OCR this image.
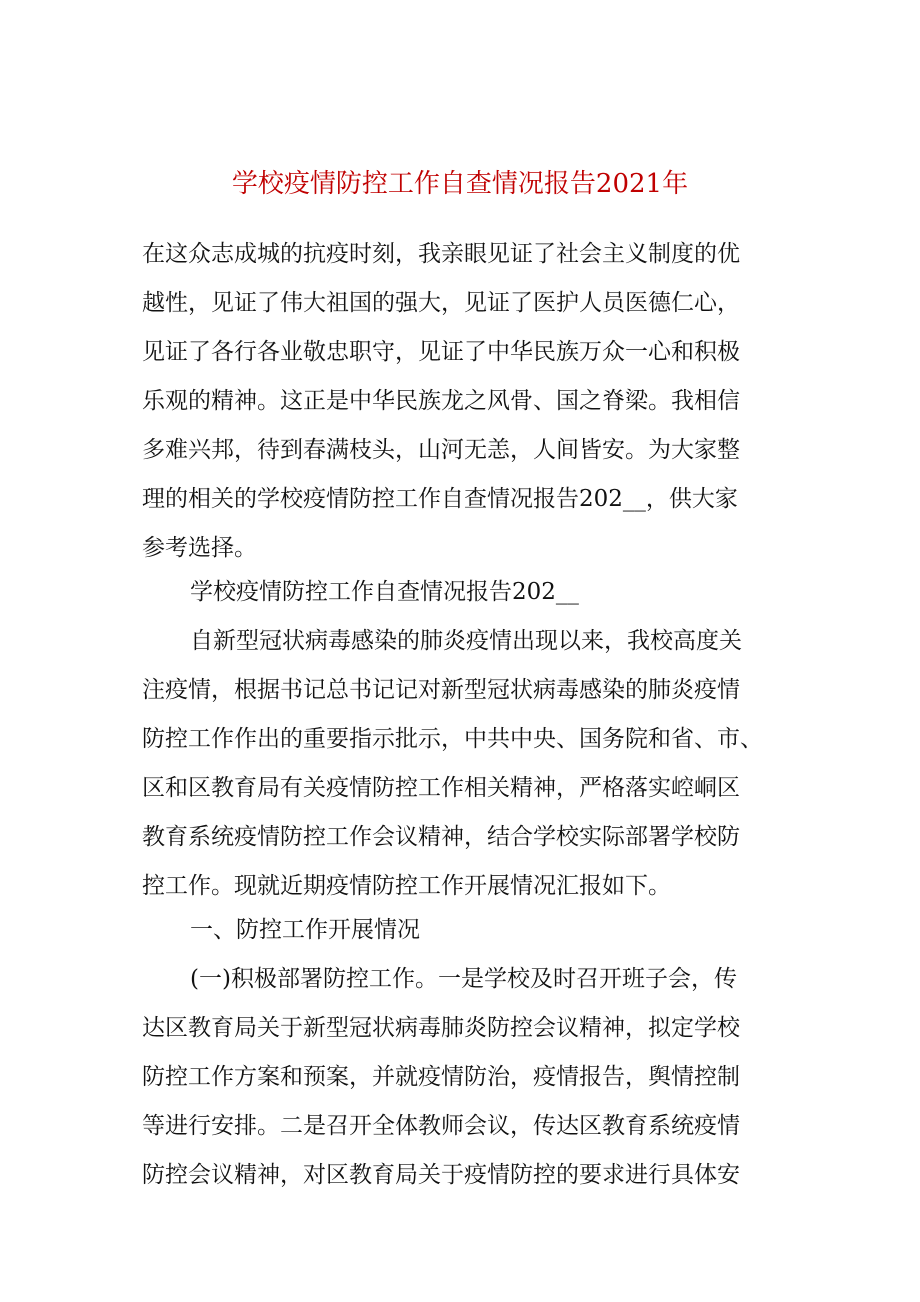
学校疫情防控工作自查情况报告2021年
在这众志成城的抗疫时刻，我亲眼见证了社会主义制度的优
越性，见证了伟大祖国的强大，见证了医护人员医德仁心，
见证了各行各业敬忠职守，见证了中华民族万众一心和积极
乐观的精神。这正是中华民族龙之风骨、国之脊梁。我相信
多难兴邦，待到春满枝头，山河无恙，人间皆安。为大家整
理的相关的学校疫情防控工作自查情况报告202__，供大家
参考选择。
学校疫情防控工作自查情况报告202__
自新型冠状病毒感染的肺炎疫情出现以来，我校高度关
注疫情，根据书记总书记记对新型冠状病毒感染的肺炎疫情
防控工作作出的重要指示批示，中共中央、国务院和省、市、
区和区教育局有关疫情防控工作相关精神，严格落实崆峒区
教育系统疫情防控工作会议精神，结合学校实际部署学校防
控工作。现就近期疫情防控工作开展情况汇报如下。
一、防控工作开展情况
(一)积极部署防控工作。一是学校及时召开班子会，传
达区教育局关于新型冠状病毒肺炎防控会议精神，拟定学校
防控工作方案和预案，并就疫情防治，疫情报告，舆情控制
等进行安排。二是召开全体教师会议，传达区教育系统疫情
防控会议精神，对区教育局关于疫情防控的要求进行具体安
